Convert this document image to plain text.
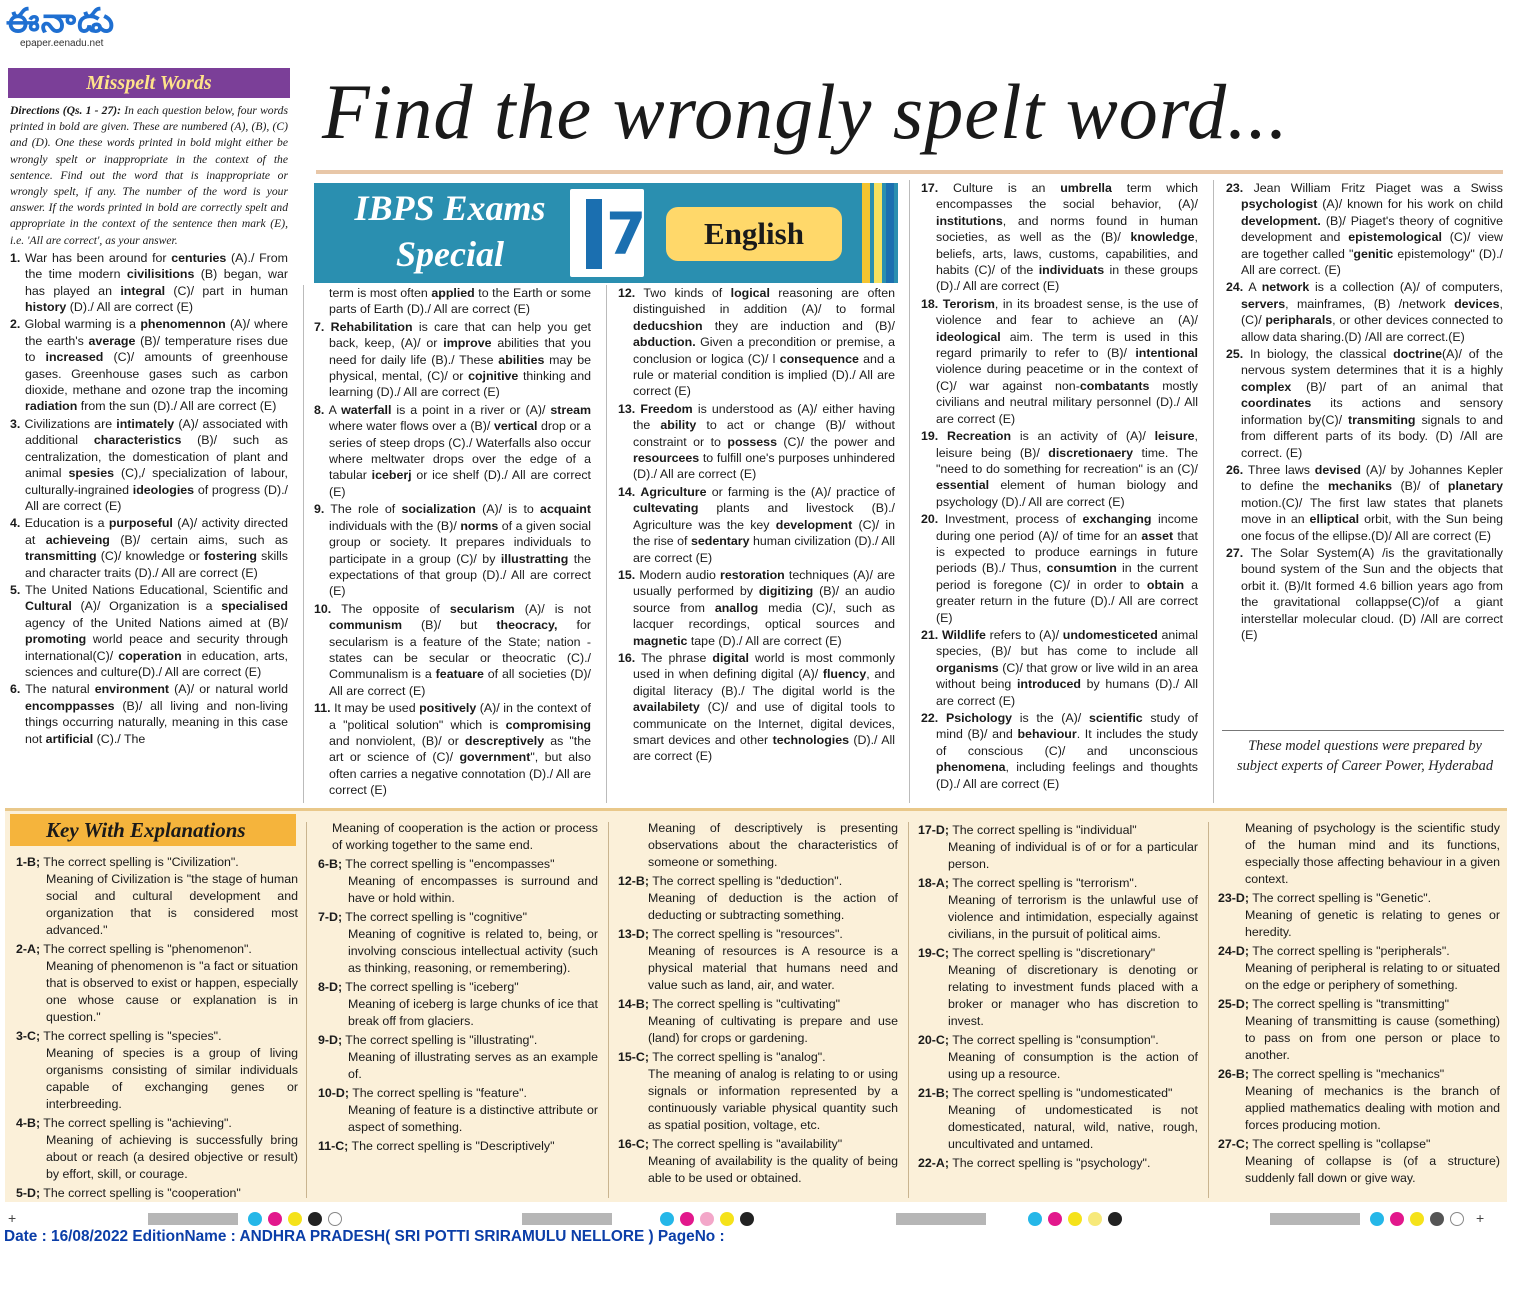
ఈనాడు
epaper.eenadu.net
Misspelt Words	Find the wrongly spelt word...
IBPS Exams
Special	7	English

Directions (Qs. 1 - 27): In each question below, four words printed in bold are given. These are numbered (A), (B), (C) and (D). One these words printed in bold might either be wrongly spelt or inappropriate in the context of the sentence. Find out the word that is inappropriate or wrongly spelt, if any. The number of the word is your answer. If the words printed in bold are correctly spelt and appropriate in the context of the sentence then mark (E), i.e. 'All are correct', as your answer.

1. War has been around for centuries (A)./ From the time modern civilisitions (B) began, war has played an integral (C)/ part in human history (D)./ All are correct (E)

2. Global warming is a phenomennon (A)/ where the earth's average (B)/ temperature rises due to increased (C)/ amounts of greenhouse gases. Greenhouse gases such as carbon dioxide, methane and ozone trap the incoming radiation from the sun (D)./ All are correct (E)

3. Civilizations are intimately (A)/ associated with additional characteristics (B)/ such as centralization, the domestication of plant and animal spesies (C),/ specialization of labour, culturally-ingrained ideologies of progress (D)./ All are correct (E)

4. Education is a purposeful (A)/ activity directed at achieveing (B)/ certain aims, such as transmitting (C)/ knowledge or fostering skills and character traits (D)./ All are correct (E)

5. The United Nations Educational, Scientific and Cultural (A)/ Organization is a specialised agency of the United Nations aimed at (B)/ promoting world peace and security through international(C)/ coperation in education, arts, sciences and culture(D)./ All are correct (E)

6. The natural environment (A)/ or natural world encomppasses (B)/ all living and non-living things occurring naturally, meaning in this case not artificial (C)./ The

term is most often applied to the Earth or some parts of Earth (D)./ All are correct (E)

7. Rehabilitation is care that can help you get back, keep, (A)/ or improve abilities that you need for daily life (B)./ These abilities may be physical, mental, (C)/ or cojnitive thinking and learning (D)./ All are correct (E)

8. A waterfall is a point in a river or (A)/ stream where water flows over a (B)/ vertical drop or a series of steep drops (C)./ Waterfalls also occur where meltwater drops over the edge of a tabular iceberj or ice shelf (D)./ All are correct (E)

9. The role of socialization (A)/ is to acquaint individuals with the (B)/ norms of a given social group or society. It prepares individuals to participate in a group (C)/ by illustratting the expectations of that group (D)./ All are correct (E)

10. The opposite of secularism (A)/ is not communism (B)/ but theocracy, for secularism is a feature of the State; nation - states can be secular or theocratic (C)./ Communalism is a featuare of all societies (D)/ All are correct (E)

11. It may be used positively (A)/ in the context of a "political solution" which is compromising and nonviolent, (B)/ or descreptively as "the art or science of (C)/ government", but also often carries a negative connotation (D)./ All are correct (E)

12. Two kinds of logical reasoning are often distinguished in addition (A)/ to formal deducshion they are induction and (B)/ abduction. Given a precondition or premise, a conclusion or logica (C)/ l consequence and a rule or material condition is implied (D)./ All are correct (E)

13. Freedom is understood as (A)/ either having the ability to act or change (B)/ without constraint or to possess (C)/ the power and resourcees to fulfill one's purposes unhindered (D)./ All are correct (E)

14. Agriculture or farming is the (A)/ practice of cultevating plants and livestock (B)./ Agriculture was the key development (C)/ in the rise of sedentary human civilization (D)./ All are correct (E)

15. Modern audio restoration techniques (A)/ are usually performed by digitizing (B)/ an audio source from anallog media (C)/, such as lacquer recordings, optical sources and magnetic tape (D)./ All are correct (E)

16. The phrase digital world is most commonly used in when defining digital (A)/ fluency, and digital literacy (B)./ The digital world is the availabilety (C)/ and use of digital tools to communicate on the Internet, digital devices, smart devices and other technologies (D)./ All are correct (E)

17. Culture is an umbrella term which encompasses the social behavior, (A)/ institutions, and norms found in human societies, as well as the (B)/ knowledge, beliefs, arts, laws, customs, capabilities, and habits (C)/ of the individuats in these groups (D)./ All are correct (E)

18. Terorism, in its broadest sense, is the use of violence and fear to achieve an (A)/ ideological aim. The term is used in this regard primarily to refer to (B)/ intentional violence during peacetime or in the context of (C)/ war against non-combatants mostly civilians and neutral military personnel (D)./ All are correct (E)

19. Recreation is an activity of (A)/ leisure, leisure being (B)/ discretionaery time. The "need to do something for recreation" is an (C)/ essential element of human biology and psychology (D)./ All are correct (E)

20. Investment, process of exchanging income during one period (A)/ of time for an asset that is expected to produce earnings in future periods (B)./ Thus, consumtion in the current period is foregone (C)/ in order to obtain a greater return in the future (D)./ All are correct (E)

21. Wildlife refers to (A)/ undomesticeted animal species, (B)/ but has come to include all organisms (C)/ that grow or live wild in an area without being introduced by humans (D)./ All are correct (E)

22. Psichology is the (A)/ scientific study of mind (B)/ and behaviour. It includes the study of conscious (C)/ and unconscious phenomena, including feelings and thoughts (D)./ All are correct (E)

23. Jean William Fritz Piaget was a Swiss psychologist (A)/ known for his work on child development. (B)/ Piaget's theory of cognitive development and epistemological (C)/ view are together called "genitic epistemology" (D)./ All are correct. (E)

24. A network is a collection (A)/ of computers, servers, mainframes, (B) /network devices,(C)/ peripharals, or other devices connected to allow data sharing.(D) /All are correct.(E)

25. In biology, the classical doctrine(A)/ of the nervous system determines that it is a highly complex (B)/ part of an animal that coordinates its actions and sensory information by(C)/ transmiting signals to and from different parts of its body. (D) /All are correct. (E)

26. Three laws devised (A)/ by Johannes Kepler to define the mechaniks (B)/ of planetary motion.(C)/ The first law states that planets move in an elliptical orbit, with the Sun being one focus of the ellipse.(D)/ All are correct (E)

27. The Solar System(A) /is the gravitationally bound system of the Sun and the objects that orbit it. (B)/It formed 4.6 billion years ago from the gravitational collappse(C)/of a giant interstellar molecular cloud. (D) /All are correct (E)

These model questions were prepared by subject experts of Career Power, Hyderabad
Key With Explanations

1-B; The correct spelling is "Civilization".

Meaning of Civilization is "the stage of human social and cultural development and organization that is considered most advanced."

2-A; The correct spelling is "phenomenon".

Meaning of phenomenon is "a fact or situation that is observed to exist or happen, especially one whose cause or explanation is in question."

3-C; The correct spelling is "species".

Meaning of species is a group of living organisms consisting of similar individuals capable of exchanging genes or interbreeding.

4-B; The correct spelling is "achieving".

Meaning of achieving is successfully bring about or reach (a desired objective or result) by effort, skill, or courage.

5-D; The correct spelling is "cooperation"

Meaning of cooperation is the action or process of working together to the same end.

6-B; The correct spelling is "encompasses"

Meaning of encompasses is surround and have or hold within.

7-D; The correct spelling is "cognitive"

Meaning of cognitive is related to, being, or involving conscious intellectual activity (such as thinking, reasoning, or remembering).

8-D; The correct spelling is "iceberg"

Meaning of iceberg is large chunks of ice that break off from glaciers.

9-D; The correct spelling is "illustrating".

Meaning of illustrating serves as an example of.

10-D; The correct spelling is "feature".

Meaning of feature is a distinctive attribute or aspect of something.

11-C; The correct spelling is "Descriptively"

Meaning of descriptively is presenting observations about the characteristics of someone or something.

12-B; The correct spelling is "deduction".

Meaning of deduction is the action of deducting or subtracting something.

13-D; The correct spelling is "resources".

Meaning of resources is A resource is a physical material that humans need and value such as land, air, and water.

14-B; The correct spelling is "cultivating"

Meaning of cultivating is prepare and use (land) for crops or gardening.

15-C; The correct spelling is "analog".

The meaning of analog is relating to or using signals or information represented by a continuously variable physical quantity such as spatial position, voltage, etc.

16-C; The correct spelling is "availability"

Meaning of availability is the quality of being able to be used or obtained.

17-D; The correct spelling is "individual"

Meaning of individual is of or for a particular person.

18-A; The correct spelling is "terrorism".

Meaning of terrorism is the unlawful use of violence and intimidation, especially against civilians, in the pursuit of political aims.

19-C; The correct spelling is "discretionary"

Meaning of discretionary is denoting or relating to investment funds placed with a broker or manager who has discretion to invest.

20-C; The correct spelling is "consumption".

Meaning of consumption is the action of using up a resource.

21-B; The correct spelling is "undomesticated"

Meaning of undomesticated is not domesticated, natural, wild, native, rough, uncultivated and untamed.

22-A; The correct spelling is "psychology".

Meaning of psychology is the scientific study of the human mind and its functions, especially those affecting behaviour in a given context.

23-D; The correct spelling is "Genetic".

Meaning of genetic is relating to genes or heredity.

24-D; The correct spelling is "peripherals".

Meaning of peripheral is relating to or situated on the edge or periphery of something.

25-D; The correct spelling is "transmitting"

Meaning of transmitting is cause (something) to pass on from one person or place to another.

26-B; The correct spelling is "mechanics"

Meaning of mechanics is the branch of applied mathematics dealing with motion and forces producing motion.

27-C; The correct spelling is "collapse"

Meaning of collapse is (of a structure) suddenly fall down or give way.

+	+
Date : 16/08/2022 EditionName : ANDHRA PRADESH( SRI POTTI SRIRAMULU NELLORE ) PageNo :
